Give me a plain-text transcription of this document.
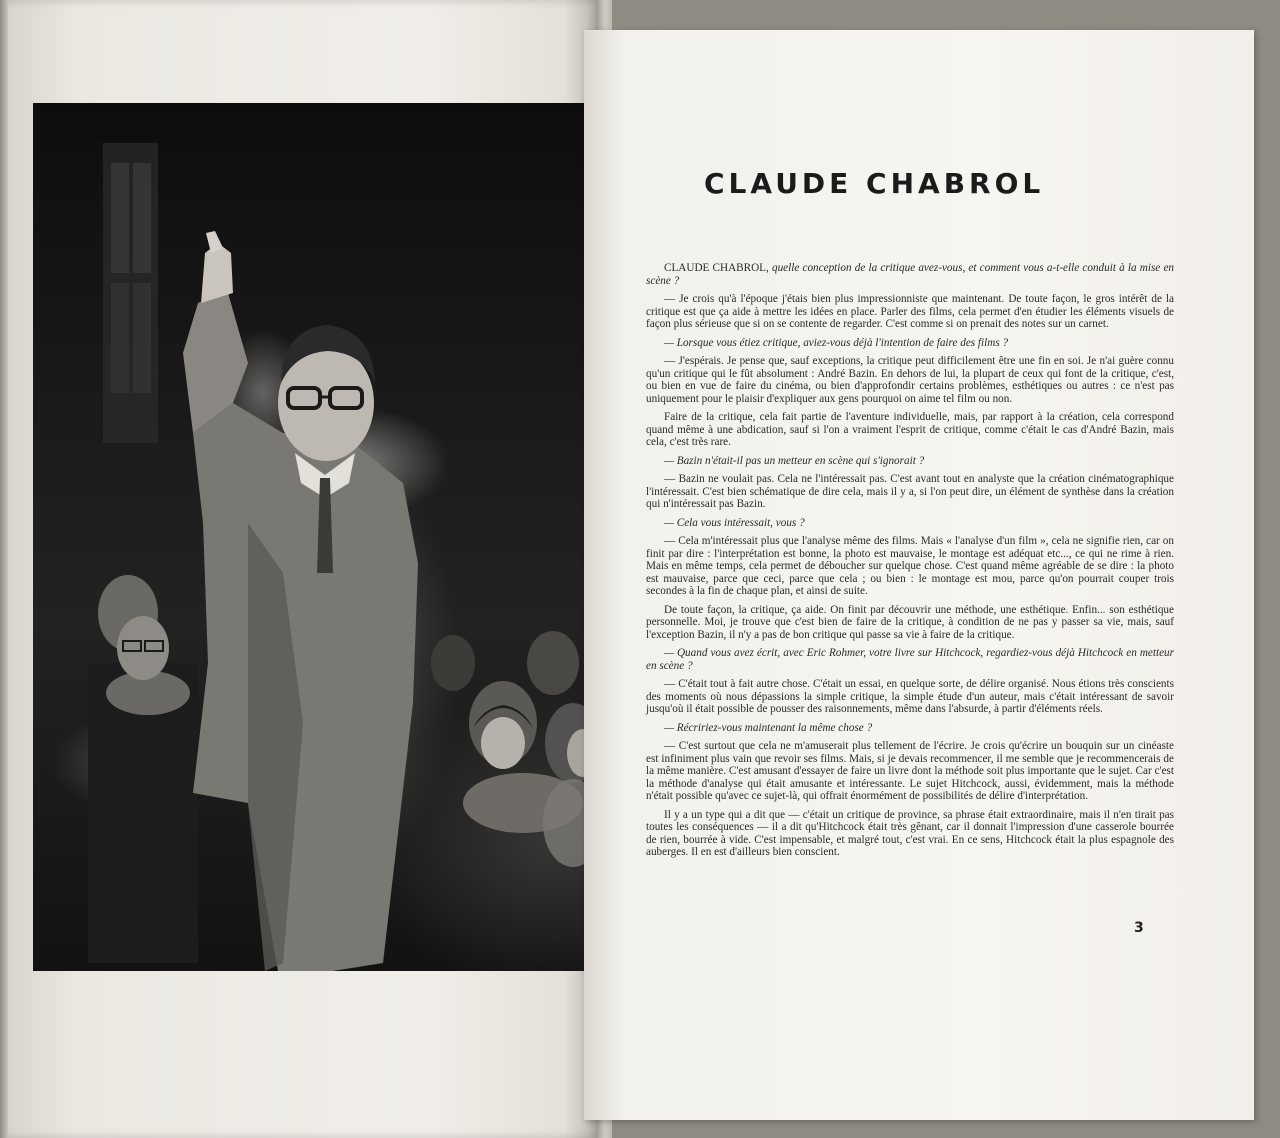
CLAUDE CHABROL

CLAUDE CHABROL, quelle conception de la critique avez-vous, et comment vous a-t-elle conduit à la mise en scène ?

— Je crois qu'à l'époque j'étais bien plus impressionniste que maintenant. De toute façon, le gros intérêt de la critique est que ça aide à mettre les idées en place. Parler des films, cela permet d'en étudier les éléments visuels de façon plus sérieuse que si on se contente de regarder. C'est comme si on prenait des notes sur un carnet.

— Lorsque vous étiez critique, aviez-vous déjà l'intention de faire des films ?

— J'espérais. Je pense que, sauf exceptions, la critique peut difficilement être une fin en soi. Je n'ai guère connu qu'un critique qui le fût absolument : André Bazin. En dehors de lui, la plupart de ceux qui font de la critique, c'est, ou bien en vue de faire du cinéma, ou bien d'approfondir certains problèmes, esthétiques ou autres : ce n'est pas uniquement pour le plaisir d'expliquer aux gens pourquoi on aime tel film ou non.

Faire de la critique, cela fait partie de l'aventure individuelle, mais, par rapport à la création, cela correspond quand même à une abdication, sauf si l'on a vraiment l'esprit de critique, comme c'était le cas d'André Bazin, mais cela, c'est très rare.

— Bazin n'était-il pas un metteur en scène qui s'ignorait ?

— Bazin ne voulait pas. Cela ne l'intéressait pas. C'est avant tout en analyste que la création cinématographique l'intéressait. C'est bien schématique de dire cela, mais il y a, si l'on peut dire, un élément de synthèse dans la création qui n'intéressait pas Bazin.

— Cela vous intéressait, vous ?

— Cela m'intéressait plus que l'analyse même des films. Mais « l'analyse d'un film », cela ne signifie rien, car on finit par dire : l'interprétation est bonne, la photo est mauvaise, le montage est adéquat etc..., ce qui ne rime à rien. Mais en même temps, cela permet de déboucher sur quelque chose. C'est quand même agréable de se dire : la photo est mauvaise, parce que ceci, parce que cela ; ou bien : le montage est mou, parce qu'on pourrait couper trois secondes à la fin de chaque plan, et ainsi de suite.

De toute façon, la critique, ça aide. On finit par découvrir une méthode, une esthétique. Enfin... son esthétique personnelle. Moi, je trouve que c'est bien de faire de la critique, à condition de ne pas y passer sa vie, mais, sauf l'exception Bazin, il n'y a pas de bon critique qui passe sa vie à faire de la critique.

— Quand vous avez écrit, avec Eric Rohmer, votre livre sur Hitchcock, regardiez-vous déjà Hitchcock en metteur en scène ?

— C'était tout à fait autre chose. C'était un essai, en quelque sorte, de délire organisé. Nous étions très conscients des moments où nous dépassions la simple critique, la simple étude d'un auteur, mais c'était intéressant de savoir jusqu'où il était possible de pousser des raisonnements, même dans l'absurde, à partir d'éléments réels.

— Récririez-vous maintenant la même chose ?

— C'est surtout que cela ne m'amuserait plus tellement de l'écrire. Je crois qu'écrire un bouquin sur un cinéaste est infiniment plus vain que revoir ses films. Mais, si je devais recommencer, il me semble que je recommencerais de la même manière. C'est amusant d'essayer de faire un livre dont la méthode soit plus importante que le sujet. Car c'est la méthode d'analyse qui était amusante et intéressante. Le sujet Hitchcock, aussi, évidemment, mais la méthode n'était possible qu'avec ce sujet-là, qui offrait énormément de possibilités de délire d'interprétation.

Il y a un type qui a dit que — c'était un critique de province, sa phrase était extraordinaire, mais il n'en tirait pas toutes les conséquences — il a dit qu'Hitchcock était très gênant, car il donnait l'impression d'une casserole bourrée de rien, bourrée à vide. C'est impensable, et malgré tout, c'est vrai. En ce sens, Hitchcock était la plus espagnole des auberges. Il en est d'ailleurs bien conscient.

3
